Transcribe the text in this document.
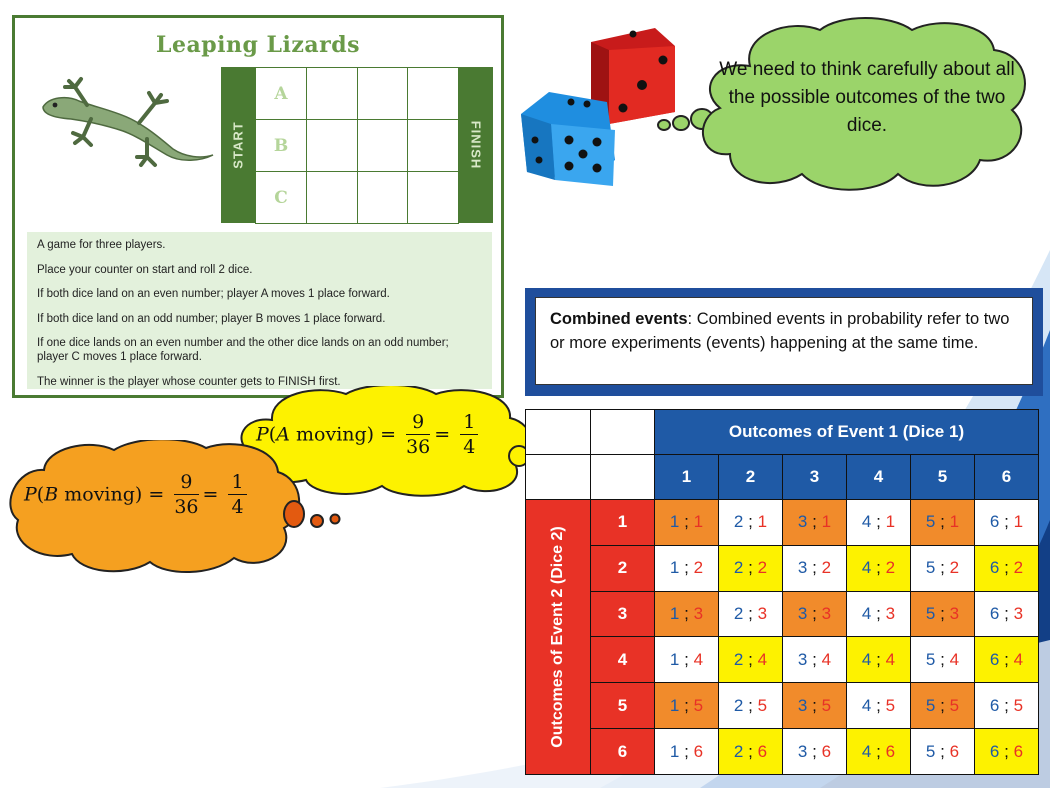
Leaping Lizards
START
A			
B			
C			
FINISH
A game for three players.
Place your counter on start and roll 2 dice.
If both dice land on an even number; player A moves 1 place forward.
If both dice land on an odd number; player B moves 1 place forward.
If one dice lands on an even number and the other dice lands on an odd number; player C moves 1 place forward.
The winner is the player whose counter gets to FINISH first.
We need to think carefully about all the possible outcomes of the two dice.
Combined events: Combined events in probability refer to two or more experiments (events) happening at the same time.
P(A moving) = $\frac{9}{36} = \frac{1}{4}$
P(B moving) = $\frac{9}{36} = \frac{1}{4}$
		Outcomes of Event 1 (Dice 1)					
		1	2	3	4	5	6

Outcomes of Event 2 (Dice 2)	1	1 ; 1	2 ; 1	3 ; 1	4 ; 1	5 ; 1	6 ; 1
	2	1 ; 2	2 ; 2	3 ; 2	4 ; 2	5 ; 2	6 ; 2
	3	1 ; 3	2 ; 3	3 ; 3	4 ; 3	5 ; 3	6 ; 3
	4	1 ; 4	2 ; 4	3 ; 4	4 ; 4	5 ; 4	6 ; 4
	5	1 ; 5	2 ; 5	3 ; 5	4 ; 5	5 ; 5	6 ; 5
	6	1 ; 6	2 ; 6	3 ; 6	4 ; 6	5 ; 6	6 ; 6
